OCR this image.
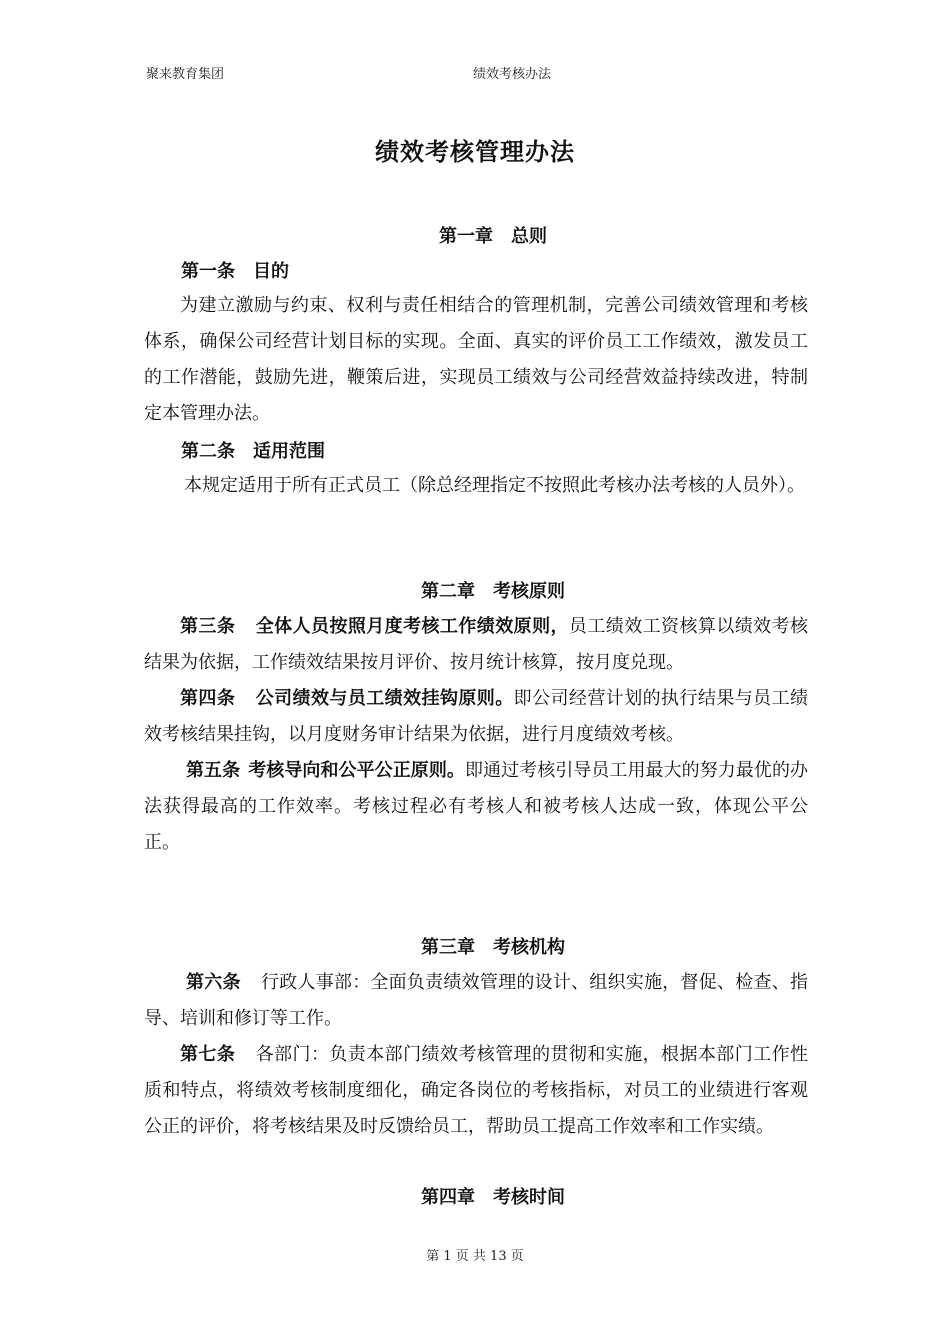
聚来教育集团	绩效考核办法
绩效考核管理办法
第一章　总则
第一条　目的
为建立激励与约束、权利与责任相结合的管理机制，完善公司绩效管理和考核体系，确保公司经营计划目标的实现。全面、真实的评价员工工作绩效，激发员工的工作潜能，鼓励先进，鞭策后进，实现员工绩效与公司经营效益持续改进，特制定本管理办法。
第二条　适用范围
本规定适用于所有正式员工（除总经理指定不按照此考核办法考核的人员外）。
第二章　考核原则
第三条 全体人员按照月度考核工作绩效原则，员工绩效工资核算以绩效考核结果为依据，工作绩效结果按月评价、按月统计核算，按月度兑现。
第四条 公司绩效与员工绩效挂钩原则。即公司经营计划的执行结果与员工绩效考核结果挂钩，以月度财务审计结果为依据，进行月度绩效考核。
第五条 考核导向和公平公正原则。即通过考核引导员工用最大的努力最优的办法获得最高的工作效率。考核过程必有考核人和被考核人达成一致，体现公平公正。
第三章　考核机构
第六条 行政人事部：全面负责绩效管理的设计、组织实施，督促、检查、指导、培训和修订等工作。
第七条 各部门：负责本部门绩效考核管理的贯彻和实施，根据本部门工作性质和特点，将绩效考核制度细化，确定各岗位的考核指标，对员工的业绩进行客观公正的评价，将考核结果及时反馈给员工，帮助员工提高工作效率和工作实绩。
第四章　考核时间
第 1 页 共 13 页
